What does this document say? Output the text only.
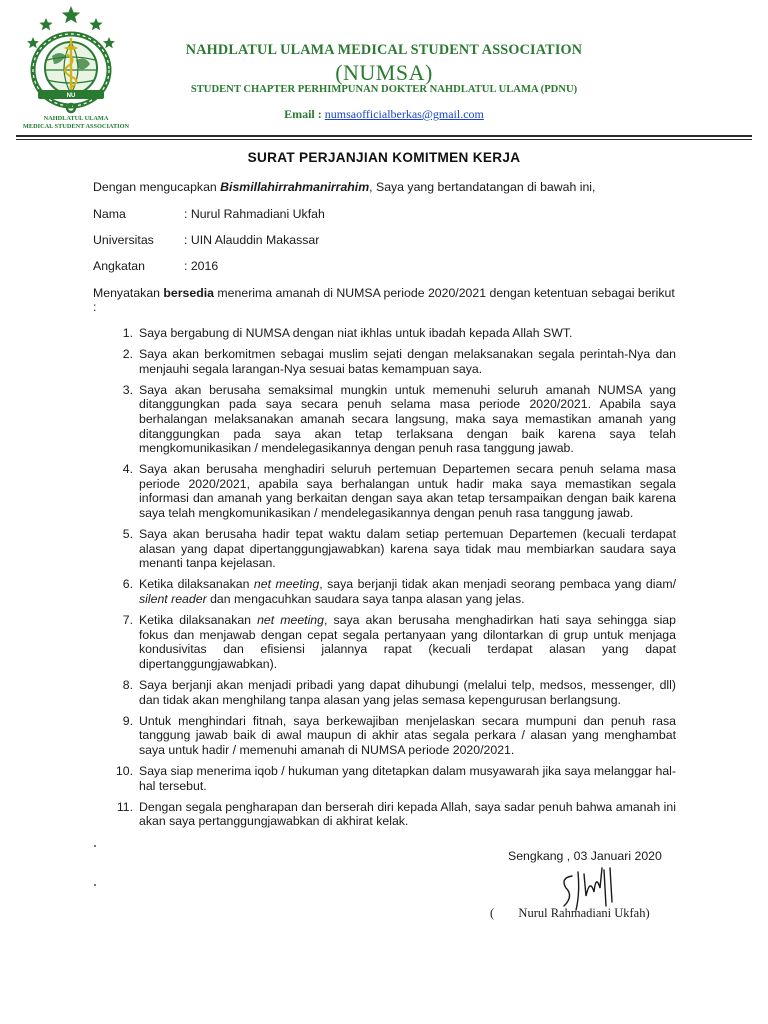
NU
NAHDLATUL ULAMA
MEDICAL STUDENT ASSOCIATION
NAHDLATUL ULAMA MEDICAL STUDENT ASSOCIATION
(NUMSA)
STUDENT CHAPTER PERHIMPUNAN DOKTER NAHDLATUL ULAMA (PDNU)
Email : numsaofficialberkas@gmail.com
SURAT PERJANJIAN KOMITMEN KERJA
Dengan mengucapkan Bismillahirrahmanirrahim, Saya yang bertandatangan di bawah ini,
Nama	: Nurul Rahmadiani Ukfah
Universitas : UIN Alauddin Makassar
Angkatan	: 2016
Menyatakan bersedia menerima amanah di NUMSA periode 2020/2021 dengan ketentuan sebagai berikut :
1. Saya bergabung di NUMSA dengan niat ikhlas untuk ibadah kepada Allah SWT.
2. Saya akan berkomitmen sebagai muslim sejati dengan melaksanakan segala perintah-Nya dan menjauhi segala larangan-Nya sesuai batas kemampuan saya.
3. Saya akan berusaha semaksimal mungkin untuk memenuhi seluruh amanah NUMSA yang ditanggungkan pada saya secara penuh selama masa periode 2020/2021. Apabila saya berhalangan melaksanakan amanah secara langsung, maka saya memastikan amanah yang ditanggungkan pada saya akan tetap terlaksana dengan baik karena saya telah mengkomunikasikan / mendelegasikannya dengan penuh rasa tanggung jawab.
4. Saya akan berusaha menghadiri seluruh pertemuan Departemen secara penuh selama masa periode 2020/2021, apabila saya berhalangan untuk hadir maka saya memastikan segala informasi dan amanah yang berkaitan dengan saya akan tetap tersampaikan dengan baik karena saya telah mengkomunikasikan / mendelegasikannya dengan penuh rasa tanggung jawab.
5. Saya akan berusaha hadir tepat waktu dalam setiap pertemuan Departemen (kecuali terdapat alasan yang dapat dipertanggungjawabkan) karena saya tidak mau membiarkan saudara saya menanti tanpa kejelasan.
6. Ketika dilaksanakan net meeting, saya berjanji tidak akan menjadi seorang pembaca yang diam/ silent reader dan mengacuhkan saudara saya tanpa alasan yang jelas.
7. Ketika dilaksanakan net meeting, saya akan berusaha menghadirkan hati saya sehingga siap fokus dan menjawab dengan cepat segala pertanyaan yang dilontarkan di grup untuk menjaga kondusivitas dan efisiensi jalannya rapat (kecuali terdapat alasan yang dapat dipertanggungjawabkan).
8. Saya berjanji akan menjadi pribadi yang dapat dihubungi (melalui telp, medsos, messenger, dll) dan tidak akan menghilang tanpa alasan yang jelas semasa kepengurusan berlangsung.
9. Untuk menghindari fitnah, saya berkewajiban menjelaskan secara mumpuni dan penuh rasa tanggung jawab baik di awal maupun di akhir atas segala perkara / alasan yang menghambat saya untuk hadir / memenuhi amanah di NUMSA periode 2020/2021.
10. Saya siap menerima iqob / hukuman yang ditetapkan dalam musyawarah jika saya melanggar hal-hal tersebut.
11. Dengan segala pengharapan dan berserah diri kepada Allah, saya sadar penuh bahwa amanah ini akan saya pertanggungjawabkan di akhirat kelak.
Sengkang , 03 Januari 2020
( Nurul Rahmadiani Ukfah)
